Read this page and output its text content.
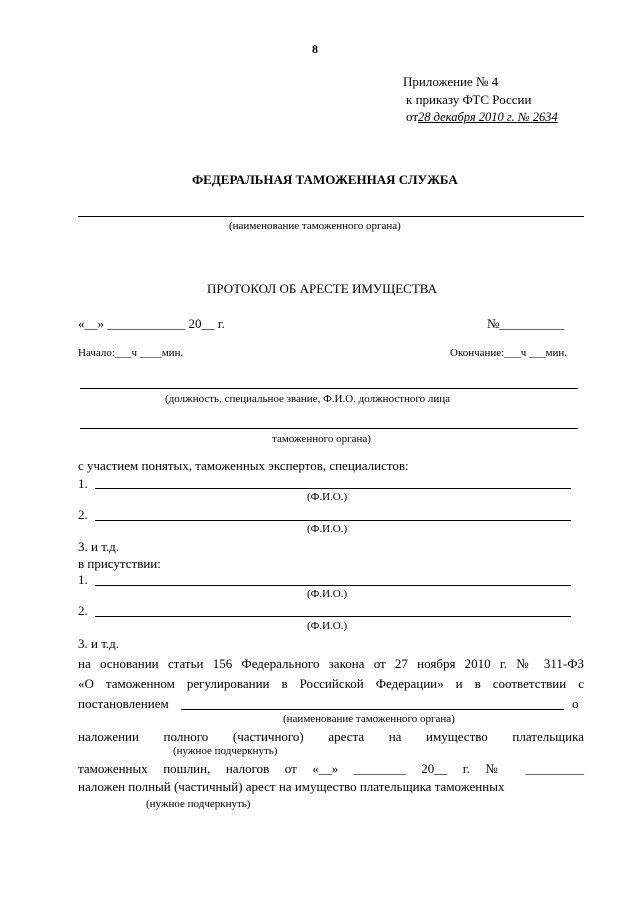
8
Приложение № 4
к приказу ФТС России
от28 декабря 2010 г. № 2634
ФЕДЕРАЛЬНАЯ ТАМОЖЕННАЯ СЛУЖБА
(наименование таможенного органа)
ПРОТОКОЛ ОБ АРЕСТЕ ИМУЩЕСТВА
«__» ____________ 20__ г.	№__________
Начало:___ч ____мин.	Окончание:___ч ___мин.
(должность, специальное звание, Ф.И.О. должностного лица
таможенного органа)
с участием понятых, таможенных экспертов, специалистов:
1.
(Ф.И.О.)
2.
(Ф.И.О.)
3. и т.д.
в присутствии:
1.
(Ф.И.О.)
2.
(Ф.И.О.)
3. и т.д.
на основании статьи 156 Федерального закона от 27 ноября 2010 г. № 311-ФЗ
«О таможенном регулировании в Российской Федерации» и в соответствии с
постановлением	о
(наименование таможенного органа)
наложении полного (частичного) ареста на имущество плательщика
(нужное подчеркнуть)
таможенных пошлин, налогов от «__» ________ 20__ г. № _________
наложен полный (частичный) арест на имущество плательщика таможенных
(нужное подчеркнуть)
